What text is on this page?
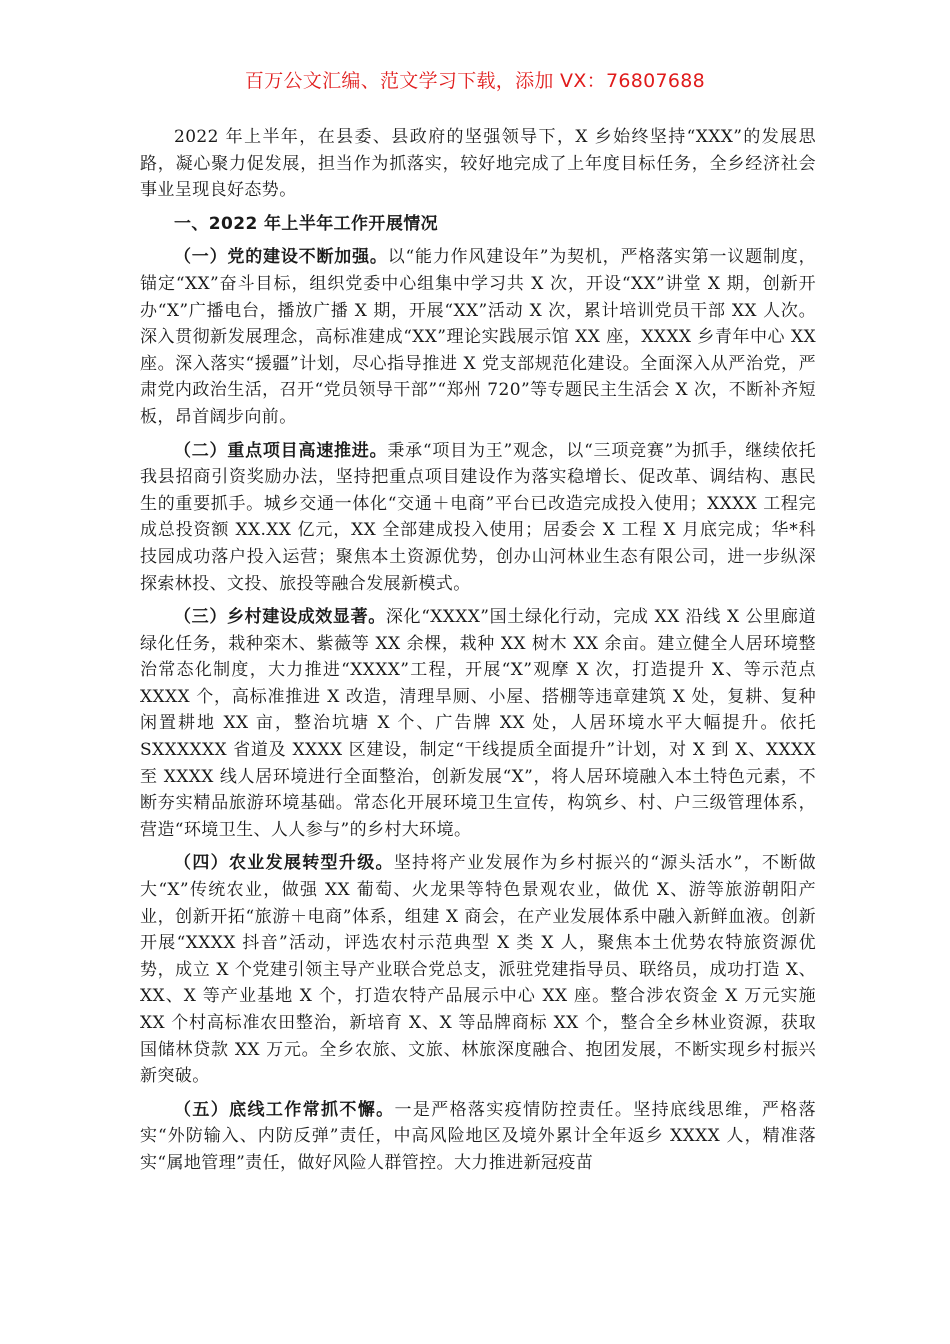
百万公文汇编、范文学习下载，添加 VX：76807688

2022 年上半年，在县委、县政府的坚强领导下，X 乡始终坚持“XXX”的发展思路，凝心聚力促发展，担当作为抓落实，较好地完成了上年度目标任务，全乡经济社会事业呈现良好态势。

一、2022 年上半年工作开展情况

（一）党的建设不断加强。以“能力作风建设年”为契机，严格落实第一议题制度，锚定“XX”奋斗目标，组织党委中心组集中学习共 X 次，开设“XX”讲堂 X 期，创新开办“X”广播电台，播放广播 X 期，开展“XX”活动 X 次，累计培训党员干部 XX 人次。深入贯彻新发展理念，高标准建成“XX”理论实践展示馆 XX 座，XXXX 乡青年中心 XX 座。深入落实“援疆”计划，尽心指导推进 X 党支部规范化建设。全面深入从严治党，严肃党内政治生活，召开“党员领导干部”“郑州 720”等专题民主生活会 X 次，不断补齐短板，昂首阔步向前。

（二）重点项目高速推进。秉承“项目为王”观念，以“三项竞赛”为抓手，继续依托我县招商引资奖励办法，坚持把重点项目建设作为落实稳增长、促改革、调结构、惠民生的重要抓手。城乡交通一体化“交通＋电商”平台已改造完成投入使用；XXXX 工程完成总投资额 XX.XX 亿元，XX 全部建成投入使用；居委会 X 工程 X 月底完成；华*科技园成功落户投入运营；聚焦本土资源优势，创办山河林业生态有限公司，进一步纵深探索林投、文投、旅投等融合发展新模式。

（三）乡村建设成效显著。深化“XXXX”国土绿化行动，完成 XX 沿线 X 公里廊道绿化任务，栽种栾木、紫薇等 XX 余棵，栽种 XX 树木 XX 余亩。建立健全人居环境整治常态化制度，大力推进“XXXX”工程，开展“X”观摩 X 次，打造提升 X、等示范点 XXXX 个，高标准推进 X 改造，清理旱厕、小屋、搭棚等违章建筑 X 处，复耕、复种闲置耕地 XX 亩，整治坑塘 X 个、广告牌 XX 处，人居环境水平大幅提升。依托 SXXXXXX 省道及 XXXX 区建设，制定“干线提质全面提升”计划，对 X 到 X、XXXX 至 XXXX 线人居环境进行全面整治，创新发展“X”，将人居环境融入本土特色元素，不断夯实精品旅游环境基础。常态化开展环境卫生宣传，构筑乡、村、户三级管理体系，营造“环境卫生、人人参与”的乡村大环境。

（四）农业发展转型升级。坚持将产业发展作为乡村振兴的“源头活水”，不断做大“X”传统农业，做强 XX 葡萄、火龙果等特色景观农业，做优 X、游等旅游朝阳产业，创新开拓“旅游＋电商”体系，组建 X 商会，在产业发展体系中融入新鲜血液。创新开展“XXXX 抖音”活动，评选农村示范典型 X 类 X 人，聚焦本土优势农特旅资源优势，成立 X 个党建引领主导产业联合党总支，派驻党建指导员、联络员，成功打造 X、XX、X 等产业基地 X 个，打造农特产品展示中心 XX 座。整合涉农资金 X 万元实施 XX 个村高标准农田整治，新培育 X、X 等品牌商标 XX 个，整合全乡林业资源，获取国储林贷款 XX 万元。全乡农旅、文旅、林旅深度融合、抱团发展，不断实现乡村振兴新突破。

（五）底线工作常抓不懈。一是严格落实疫情防控责任。坚持底线思维，严格落实“外防输入、内防反弹”责任，中高风险地区及境外累计全年返乡 XXXX 人，精准落实“属地管理”责任，做好风险人群管控。大力推进新冠疫苗
